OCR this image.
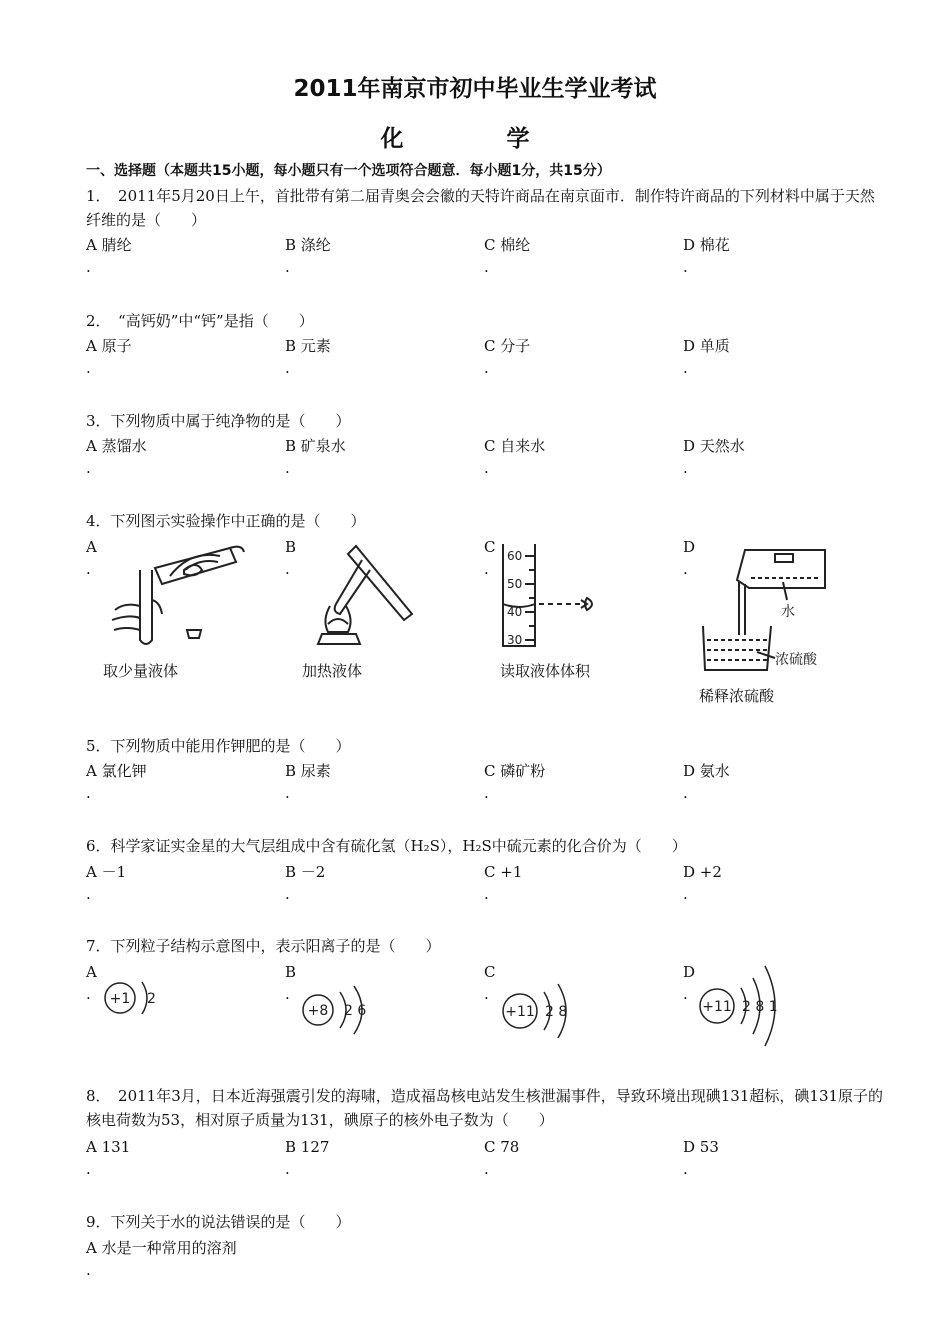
2011年南京市初中毕业生学业考试
化　学
一、选择题（本题共15小题，每小题只有一个选项符合题意．每小题1分，共15分）
1．　2011年5月20日上午，首批带有第二届青奥会会徽的天特许商品在南京面市．制作特许商品的下列材料中属于天然纤维的是（　　）
A 腈纶
.
B 涤纶
.
C 棉纶
.
D 棉花
.
2．　“高钙奶”中“钙”是指（　　）
A 原子
.
B 元素
.
C 分子
.
D 单质
.
3．下列物质中属于纯净物的是（　　）
A 蒸馏水
.
B 矿泉水
.
C 自来水
.
D 天然水
.
4．下列图示实验操作中正确的是（　　）
A
.
B
.
C
.
D
.
取少量液体	加热液体
60
50
40
30
读取液体体积
水
浓硫酸
稀释浓硫酸
5．下列物质中能用作钾肥的是（　　）
A 氯化钾
.
B 尿素
.
C 磷矿粉
.
D 氨水
.
6．科学家证实金星的大气层组成中含有硫化氢（H₂S），H₂S中硫元素的化合价为（　　）
A －1
.
B －2
.
C +1
.
D +2
.
7．下列粒子结构示意图中，表示阳离子的是（　　）
A
.
B
.
C
.
D
.
+1 2
+8 2 6	+11 2 8	+11 2 8 1
8．　2011年3月，日本近海强震引发的海啸，造成福岛核电站发生核泄漏事件，导致环境出现碘131超标，碘131原子的核电荷数为53，相对原子质量为131，碘原子的核外电子数为（　　）
A 131
.
B 127
.
C 78
.
D 53
.
9．下列关于水的说法错误的是（　　）
A 水是一种常用的溶剂
.
